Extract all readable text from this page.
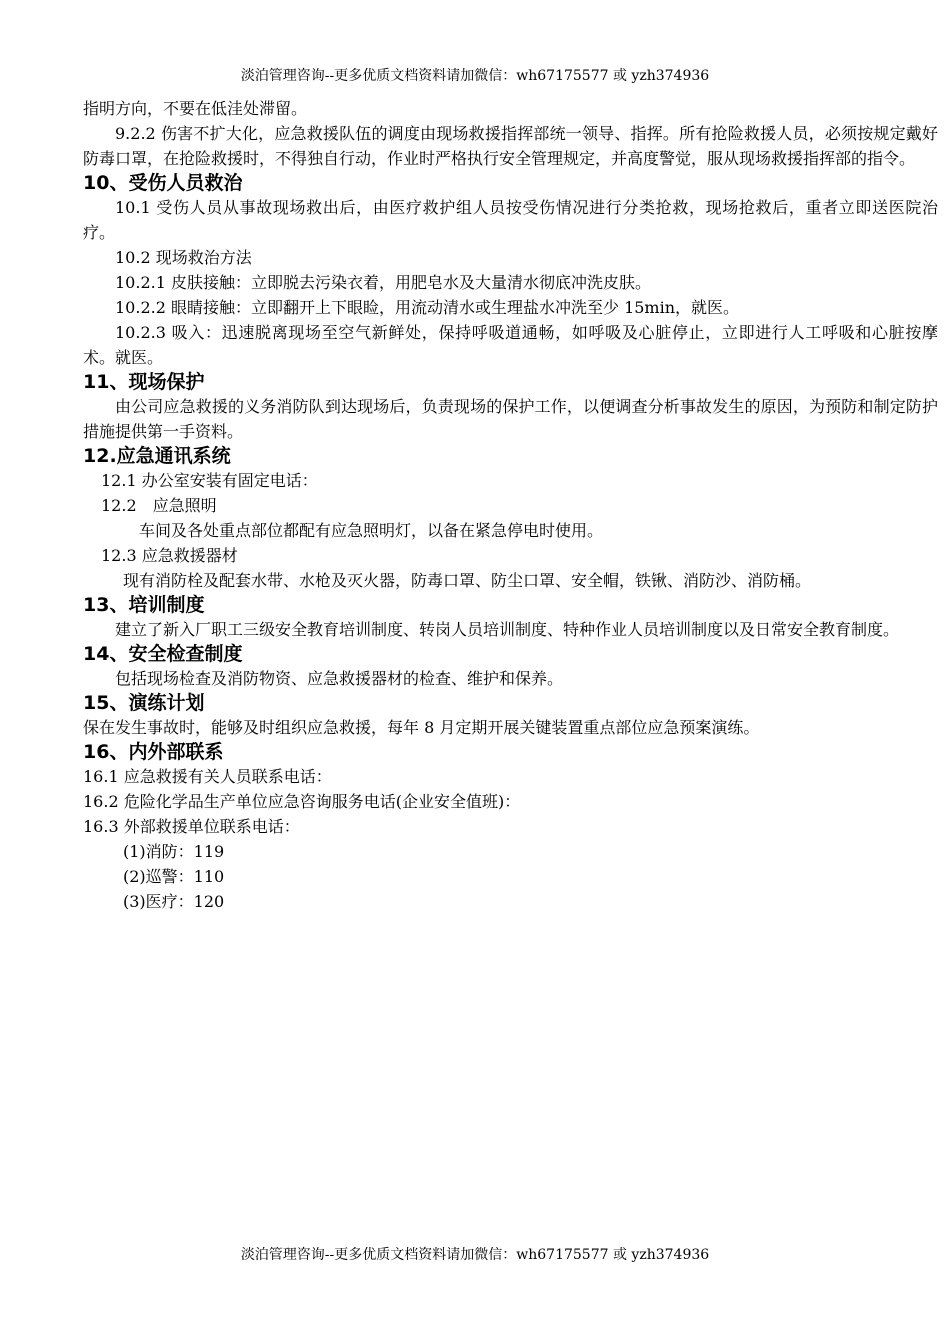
淡泊管理咨询--更多优质文档资料请加微信：wh67175577 或 yzh374936

指明方向，不要在低洼处滞留。

9.2.2 伤害不扩大化，应急救援队伍的调度由现场救援指挥部统一领导、指挥。所有抢险救援人员，必须按规定戴好防毒口罩，在抢险救援时，不得独自行动，作业时严格执行安全管理规定，并高度警觉，服从现场救援指挥部的指令。

10、受伤人员救治

10.1 受伤人员从事故现场救出后，由医疗救护组人员按受伤情况进行分类抢救，现场抢救后，重者立即送医院治疗。

10.2 现场救治方法

10.2.1 皮肤接触：立即脱去污染衣着，用肥皂水及大量清水彻底冲洗皮肤。

10.2.2 眼睛接触：立即翻开上下眼睑，用流动清水或生理盐水冲洗至少 15min，就医。

10.2.3 吸入：迅速脱离现场至空气新鲜处，保持呼吸道通畅，如呼吸及心脏停止，立即进行人工呼吸和心脏按摩术。就医。

11、现场保护

由公司应急救援的义务消防队到达现场后，负责现场的保护工作，以便调查分析事故发生的原因，为预防和制定防护措施提供第一手资料。

12.应急通讯系统

12.1 办公室安装有固定电话：

12.2　应急照明

车间及各处重点部位都配有应急照明灯，以备在紧急停电时使用。

12.3 应急救援器材

现有消防栓及配套水带、水枪及灭火器，防毒口罩、防尘口罩、安全帽，铁锹、消防沙、消防桶。

13、培训制度

建立了新入厂职工三级安全教育培训制度、转岗人员培训制度、特种作业人员培训制度以及日常安全教育制度。

14、安全检查制度

包括现场检查及消防物资、应急救援器材的检查、维护和保养。

15、演练计划

保在发生事故时，能够及时组织应急救援，每年 8 月定期开展关键装置重点部位应急预案演练。

16、内外部联系

16.1 应急救援有关人员联系电话：

16.2 危险化学品生产单位应急咨询服务电话(企业安全值班)：

16.3 外部救援单位联系电话：

(1)消防：119

(2)巡警：110

(3)医疗：120

淡泊管理咨询--更多优质文档资料请加微信：wh67175577 或 yzh374936
